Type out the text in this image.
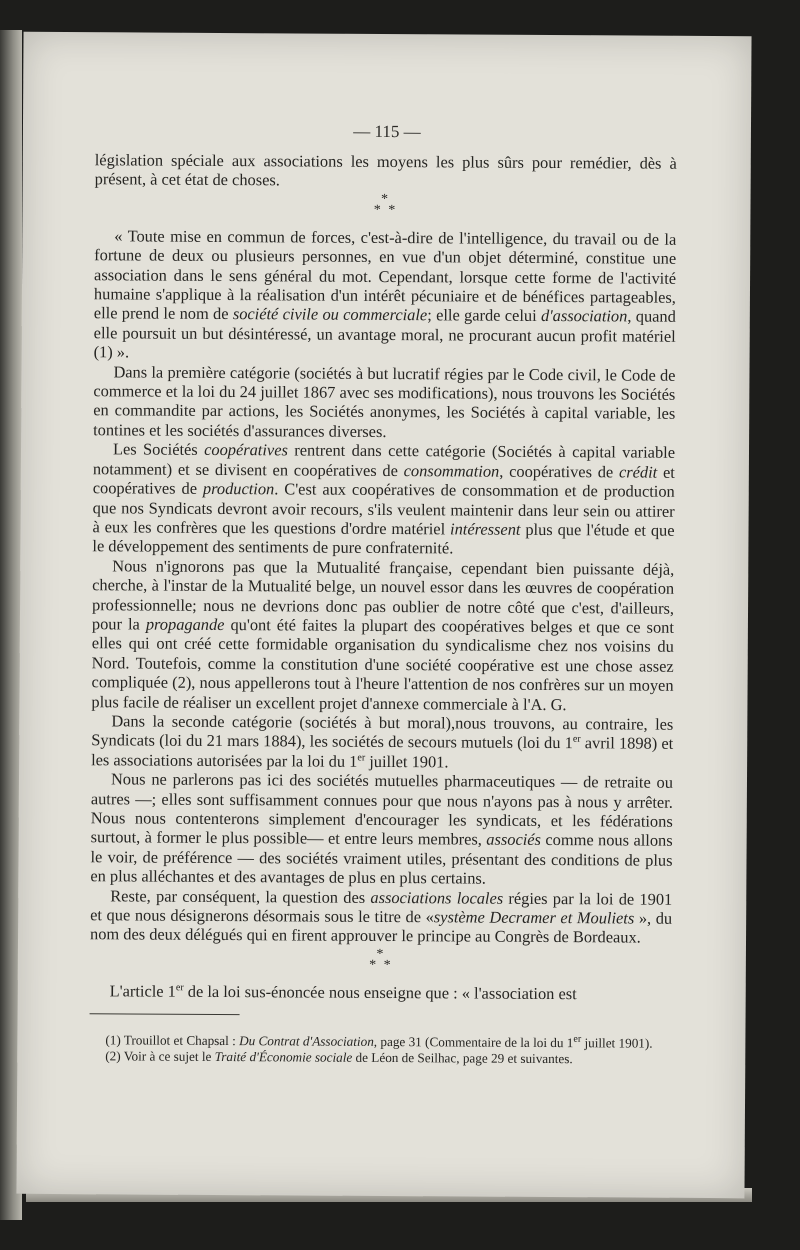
— 115 —

législation spéciale aux associations les moyens les plus sûrs pour remédier, dès à présent, à cet état de choses.

*
* *

« Toute mise en commun de forces, c'est-à-dire de l'intelligence, du travail ou de la fortune de deux ou plusieurs personnes, en vue d'un objet déterminé, constitue une association dans le sens général du mot. Cependant, lorsque cette forme de l'activité humaine s'applique à la réalisation d'un intérêt pécuniaire et de bénéfices partageables, elle prend le nom de société civile ou commerciale; elle garde celui d'association, quand elle poursuit un but désintéressé, un avantage moral, ne procurant aucun profit matériel (1) ».

Dans la première catégorie (sociétés à but lucratif régies par le Code civil, le Code de commerce et la loi du 24 juillet 1867 avec ses modifications), nous trouvons les Sociétés en commandite par actions, les Sociétés anonymes, les Sociétés à capital variable, les tontines et les sociétés d'assurances diverses.

Les Sociétés coopératives rentrent dans cette catégorie (Sociétés à capital variable notamment) et se divisent en coopératives de consommation, coopératives de crédit et coopératives de production. C'est aux coopératives de consommation et de production que nos Syndicats devront avoir recours, s'ils veulent maintenir dans leur sein ou attirer à eux les confrères que les questions d'ordre matériel intéressent plus que l'étude et que le développement des sentiments de pure confraternité.

Nous n'ignorons pas que la Mutualité française, cependant bien puissante déjà, cherche, à l'instar de la Mutualité belge, un nouvel essor dans les œuvres de coopération professionnelle; nous ne devrions donc pas oublier de notre côté que c'est, d'ailleurs, pour la propagande qu'ont été faites la plupart des coopératives belges et que ce sont elles qui ont créé cette formidable organisation du syndicalisme chez nos voisins du Nord. Toutefois, comme la constitution d'une société coopérative est une chose assez compliquée (2), nous appellerons tout à l'heure l'attention de nos confrères sur un moyen plus facile de réaliser un excellent projet d'annexe commerciale à l'A. G.

Dans la seconde catégorie (sociétés à but moral),nous trouvons, au contraire, les Syndicats (loi du 21 mars 1884), les sociétés de secours mutuels (loi du 1er avril 1898) et les associations autorisées par la loi du 1er juillet 1901.

Nous ne parlerons pas ici des sociétés mutuelles pharmaceutiques — de retraite ou autres —; elles sont suffisamment connues pour que nous n'ayons pas à nous y arrêter. Nous nous contenterons simplement d'encourager les syndicats, et les fédérations surtout, à former le plus possible— et entre leurs membres, associés comme nous allons le voir, de préférence — des sociétés vraiment utiles, présentant des conditions de plus en plus alléchantes et des avantages de plus en plus certains.

Reste, par conséquent, la question des associations locales régies par la loi de 1901 et que nous désignerons désormais sous le titre de «système Decramer et Mouliets », du nom des deux délégués qui en firent approuver le principe au Congrès de Bordeaux.

*
* *

L'article 1er de la loi sus-énoncée nous enseigne que : « l'association est

(1) Trouillot et Chapsal : Du Contrat d'Association, page 31 (Commentaire de la loi du 1er juillet 1901).

(2) Voir à ce sujet le Traité d'Économie sociale de Léon de Seilhac, page 29 et suivantes.
